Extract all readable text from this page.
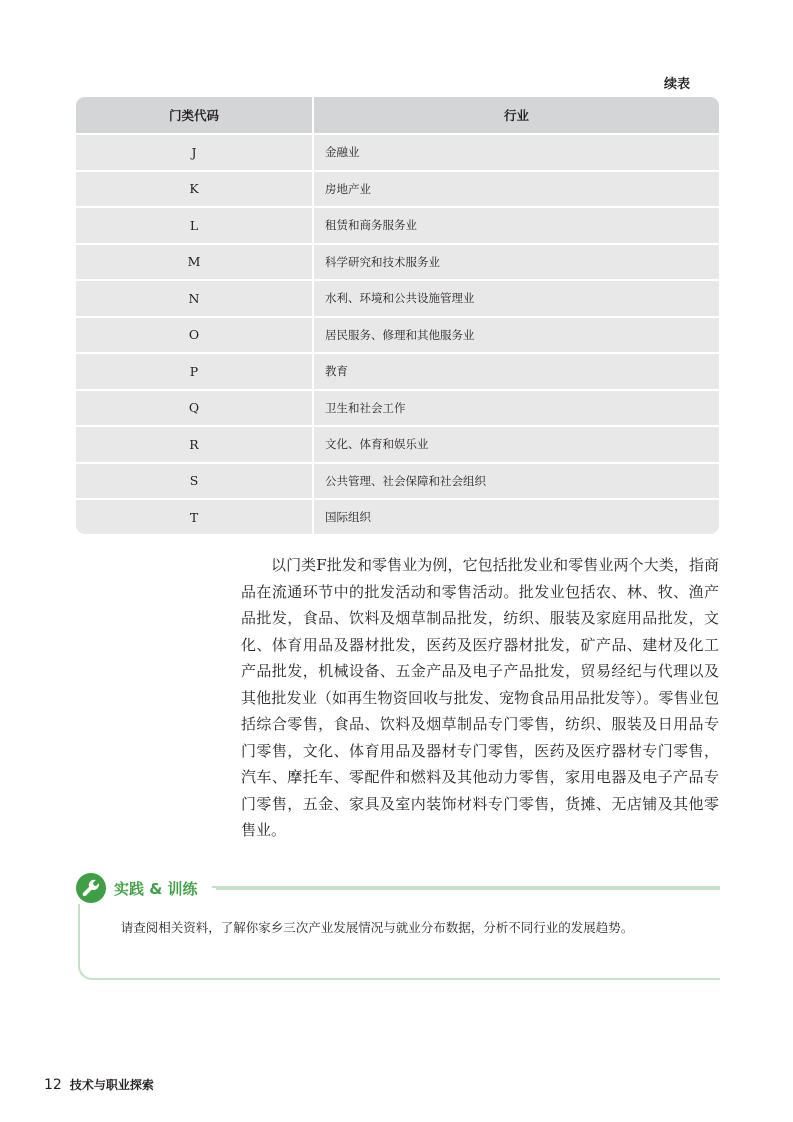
续表
门类代码	行业
J	金融业
K	房地产业
L	租赁和商务服务业
M	科学研究和技术服务业
N	水利、环境和公共设施管理业
O	居民服务、修理和其他服务业
P	教育
Q	卫生和社会工作
R	文化、体育和娱乐业
S	公共管理、社会保障和社会组织
T	国际组织

以门类F批发和零售业为例，它包括批发业和零售业两个大类，指商品在流通环节中的批发活动和零售活动。批发业包括农、林、牧、渔产品批发，食品、饮料及烟草制品批发，纺织、服装及家庭用品批发，文化、体育用品及器材批发，医药及医疗器材批发，矿产品、建材及化工产品批发，机械设备、五金产品及电子产品批发，贸易经纪与代理以及其他批发业（如再生物资回收与批发、宠物食品用品批发等）。零售业包括综合零售，食品、饮料及烟草制品专门零售，纺织、服装及日用品专门零售，文化、体育用品及器材专门零售，医药及医疗器材专门零售，汽车、摩托车、零配件和燃料及其他动力零售，家用电器及电子产品专门零售，五金、家具及室内装饰材料专门零售，货摊、无店铺及其他零售业。

实践 & 训练

请查阅相关资料，了解你家乡三次产业发展情况与就业分布数据，分析不同行业的发展趋势。

12 技术与职业探索
